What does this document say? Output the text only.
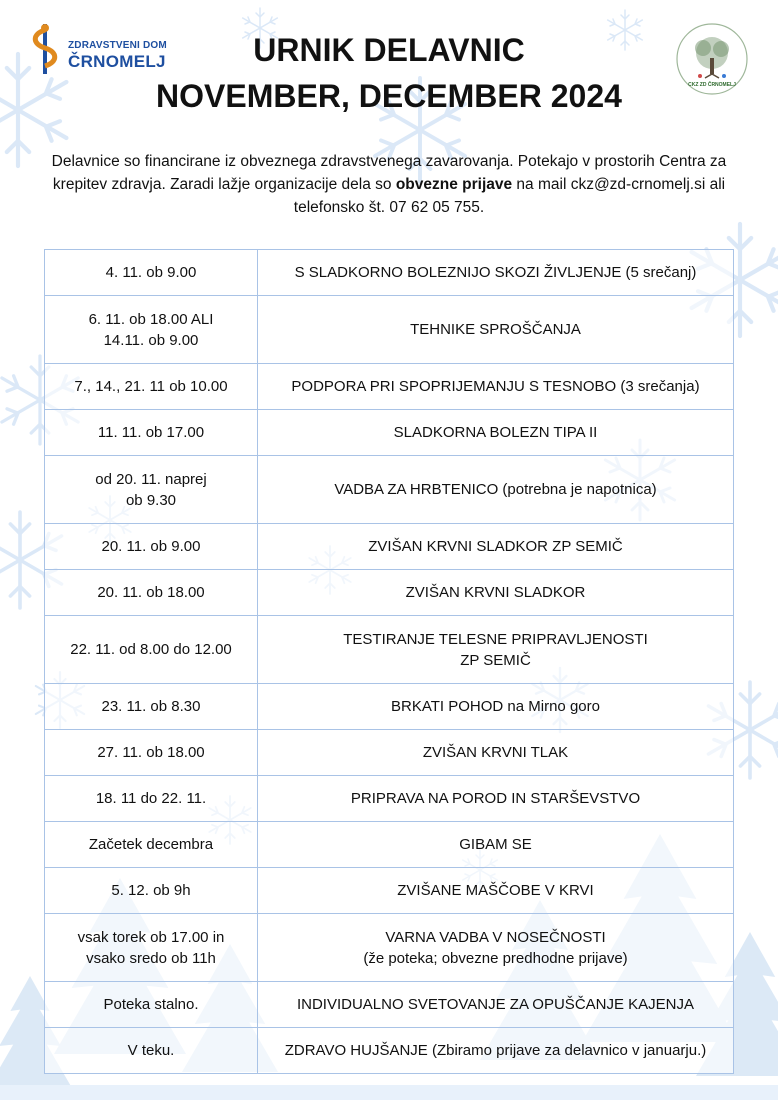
ZDRAVSTVENI DOM
ČRNOMELJ
CKZ ZD ČRNOMELJ
URNIK DELAVNIC
NOVEMBER, DECEMBER 2024
Delavnice so financirane iz obveznega zdravstvenega zavarovanja. Potekajo v prostorih Centra za krepitev zdravja. Zaradi lažje organizacije dela so obvezne prijave na mail ckz@zd-crnomelj.si ali telefonsko št. 07 62 05 755.
4. 11. ob 9.00	S SLADKORNO BOLEZNIJO SKOZI ŽIVLJENJE (5 srečanj)
6. 11. ob 18.00 ALI
14.11. ob 9.00	TEHNIKE SPROŠČANJA
7., 14., 21. 11 ob 10.00	PODPORA PRI SPOPRIJEMANJU S TESNOBO (3 srečanja)
11. 11. ob 17.00	SLADKORNA BOLEZN TIPA II
od 20. 11. naprej
ob 9.30	VADBA ZA HRBTENICO (potrebna je napotnica)
20. 11. ob 9.00	ZVIŠAN KRVNI SLADKOR ZP SEMIČ
20. 11. ob 18.00	ZVIŠAN KRVNI SLADKOR
22. 11. od 8.00 do 12.00	TESTIRANJE TELESNE PRIPRAVLJENOSTI
ZP SEMIČ
23. 11. ob 8.30	BRKATI POHOD na Mirno goro
27. 11. ob 18.00	ZVIŠAN KRVNI TLAK
18. 11 do 22. 11.	PRIPRAVA NA POROD IN STARŠEVSTVO
Začetek decembra	GIBAM SE
5. 12. ob 9h	ZVIŠANE MAŠČOBE V KRVI
vsak torek ob 17.00 in
vsako sredo ob 11h	VARNA VADBA V NOSEČNOSTI
(že poteka; obvezne predhodne prijave)
Poteka stalno.	INDIVIDUALNO SVETOVANJE ZA OPUŠČANJE KAJENJA
V teku.	ZDRAVO HUJŠANJE (Zbiramo prijave za delavnico v januarju.)
